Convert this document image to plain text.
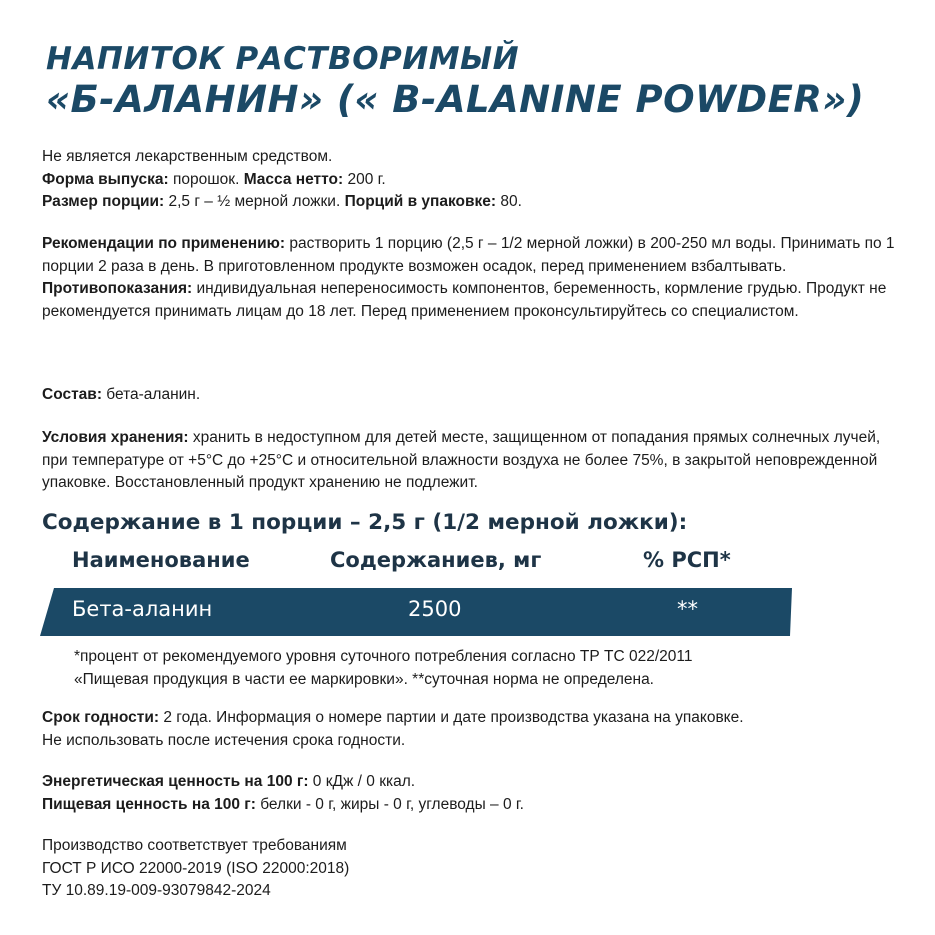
НАПИТОК РАСТВОРИМЫЙ
«Б-АЛАНИН» (« B-ALANINE POWDER»)

Не является лекарственным средством.

Форма выпуска: порошок. Масса нетто: 200 г.

Размер порции: 2,5 г – ½ мерной ложки. Порций в упаковке: 80.

Рекомендации по применению: растворить 1 порцию (2,5 г – 1/2 мерной ложки) в 200-250 мл воды. Принимать по 1 порции 2 раза в день. В приготовленном продукте возможен осадок, перед применением взбалтывать.

Противопоказания: индивидуальная непереносимость компонентов, беременность, кормление грудью. Продукт не рекомендуется принимать лицам до 18 лет. Перед применением проконсультируйтесь со специалистом.

Состав: бета-аланин.

Условия хранения: хранить в недоступном для детей месте, защищенном от попадания прямых солнечных лучей, при температуре от +5°С до +25°С и относительной влажности воздуха не более 75%, в закрытой неповрежденной упаковке. Восстановленный продукт хранению не подлежит.

Содержание в 1 порции – 2,5 г (1/2 мерной ложки):
Наименование	Содержаниев, мг	% РСП*
Бета-аланин	2500	**

*процент от рекомендуемого уровня суточного потребления согласно ТР ТС 022/2011

«Пищевая продукция в части ее маркировки». **суточная норма не определена.

Срок годности: 2 года. Информация о номере партии и дате производства указана на упаковке.

Не использовать после истечения срока годности.

Энергетическая ценность на 100 г: 0 кДж / 0 ккал.

Пищевая ценность на 100 г: белки - 0 г, жиры - 0 г, углеводы – 0 г.

Производство соответствует требованиям

ГОСТ Р ИСО 22000-2019 (ISO 22000:2018)

ТУ 10.89.19-009-93079842-2024
